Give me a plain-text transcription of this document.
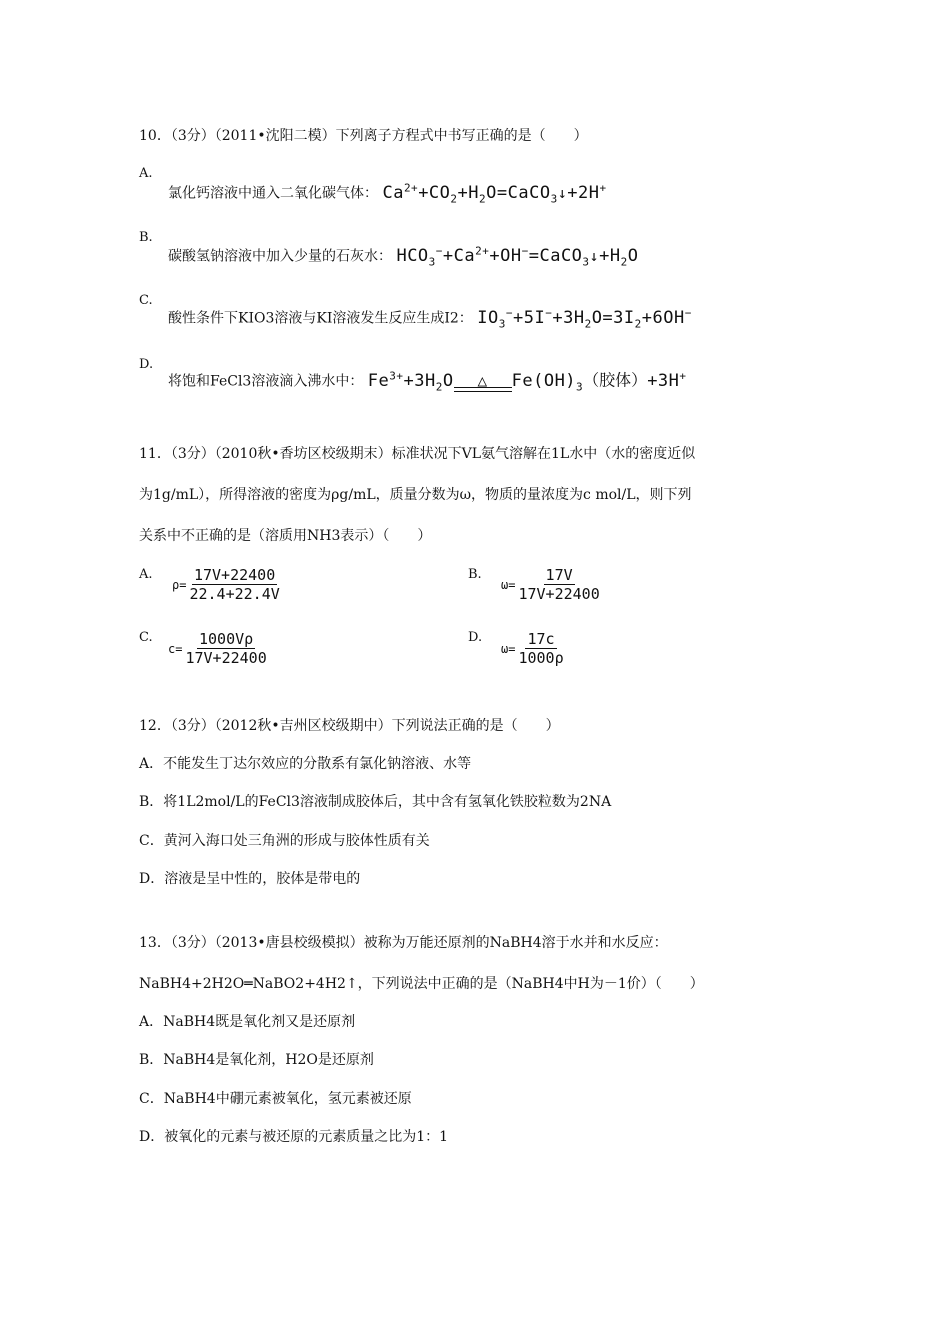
10．（3分）（2011•沈阳二模）下列离子方程式中书写正确的是（　　）
A.
氯化钙溶液中通入二氧化碳气体： $Ca^{2+}+CO_2+H_2O=CaCO_3↓+2H^+$
B.
碳酸氢钠溶液中加入少量的石灰水： $HCO_3^-+Ca^{2+}+OH^-=CaCO_3↓+H_2O$
C.
酸性条件下KIO3溶液与KI溶液发生反应生成I2： $IO_3^-+5I^-+3H_2O=3I_2+6OH^-$
D.
将饱和FeCl3溶液滴入沸水中： $Fe^{3+}+3H_2O$	△	$Fe(OH)_3$（胶体）+3H+
11．（3分）（2010秋•香坊区校级期末）标准状况下VL氨气溶解在1L水中（水的密度近似
为1g/mL），所得溶液的密度为ρg/mL，质量分数为ω，物质的量浓度为c mol/L，则下列
关系中不正确的是（溶质用NH3表示）（　　）
A.
$\rho= \frac{17V+22400}{22.4+22.4V}$	B.
$\omega= \frac{17V}{17V+22400}$
C.
$c= \frac{1000V\rho}{17V+22400}$	D.
$\omega= \frac{17c}{1000\rho}$
12．（3分）（2012秋•吉州区校级期中）下列说法正确的是（　　）
A．不能发生丁达尔效应的分散系有氯化钠溶液、水等
B．将1L2mol/L的FeCl3溶液制成胶体后，其中含有氢氧化铁胶粒数为2NA
C．黄河入海口处三角洲的形成与胶体性质有关
D．溶液是呈中性的，胶体是带电的
13．（3分）（2013•唐县校级模拟）被称为万能还原剂的NaBH4溶于水并和水反应：
NaBH4+2H2O═NaBO2+4H2↑，下列说法中正确的是（NaBH4中H为－1价）（　　）
A．NaBH4既是氧化剂又是还原剂
B．NaBH4是氧化剂，H2O是还原剂
C．NaBH4中硼元素被氧化，氢元素被还原
D．被氧化的元素与被还原的元素质量之比为1：1
